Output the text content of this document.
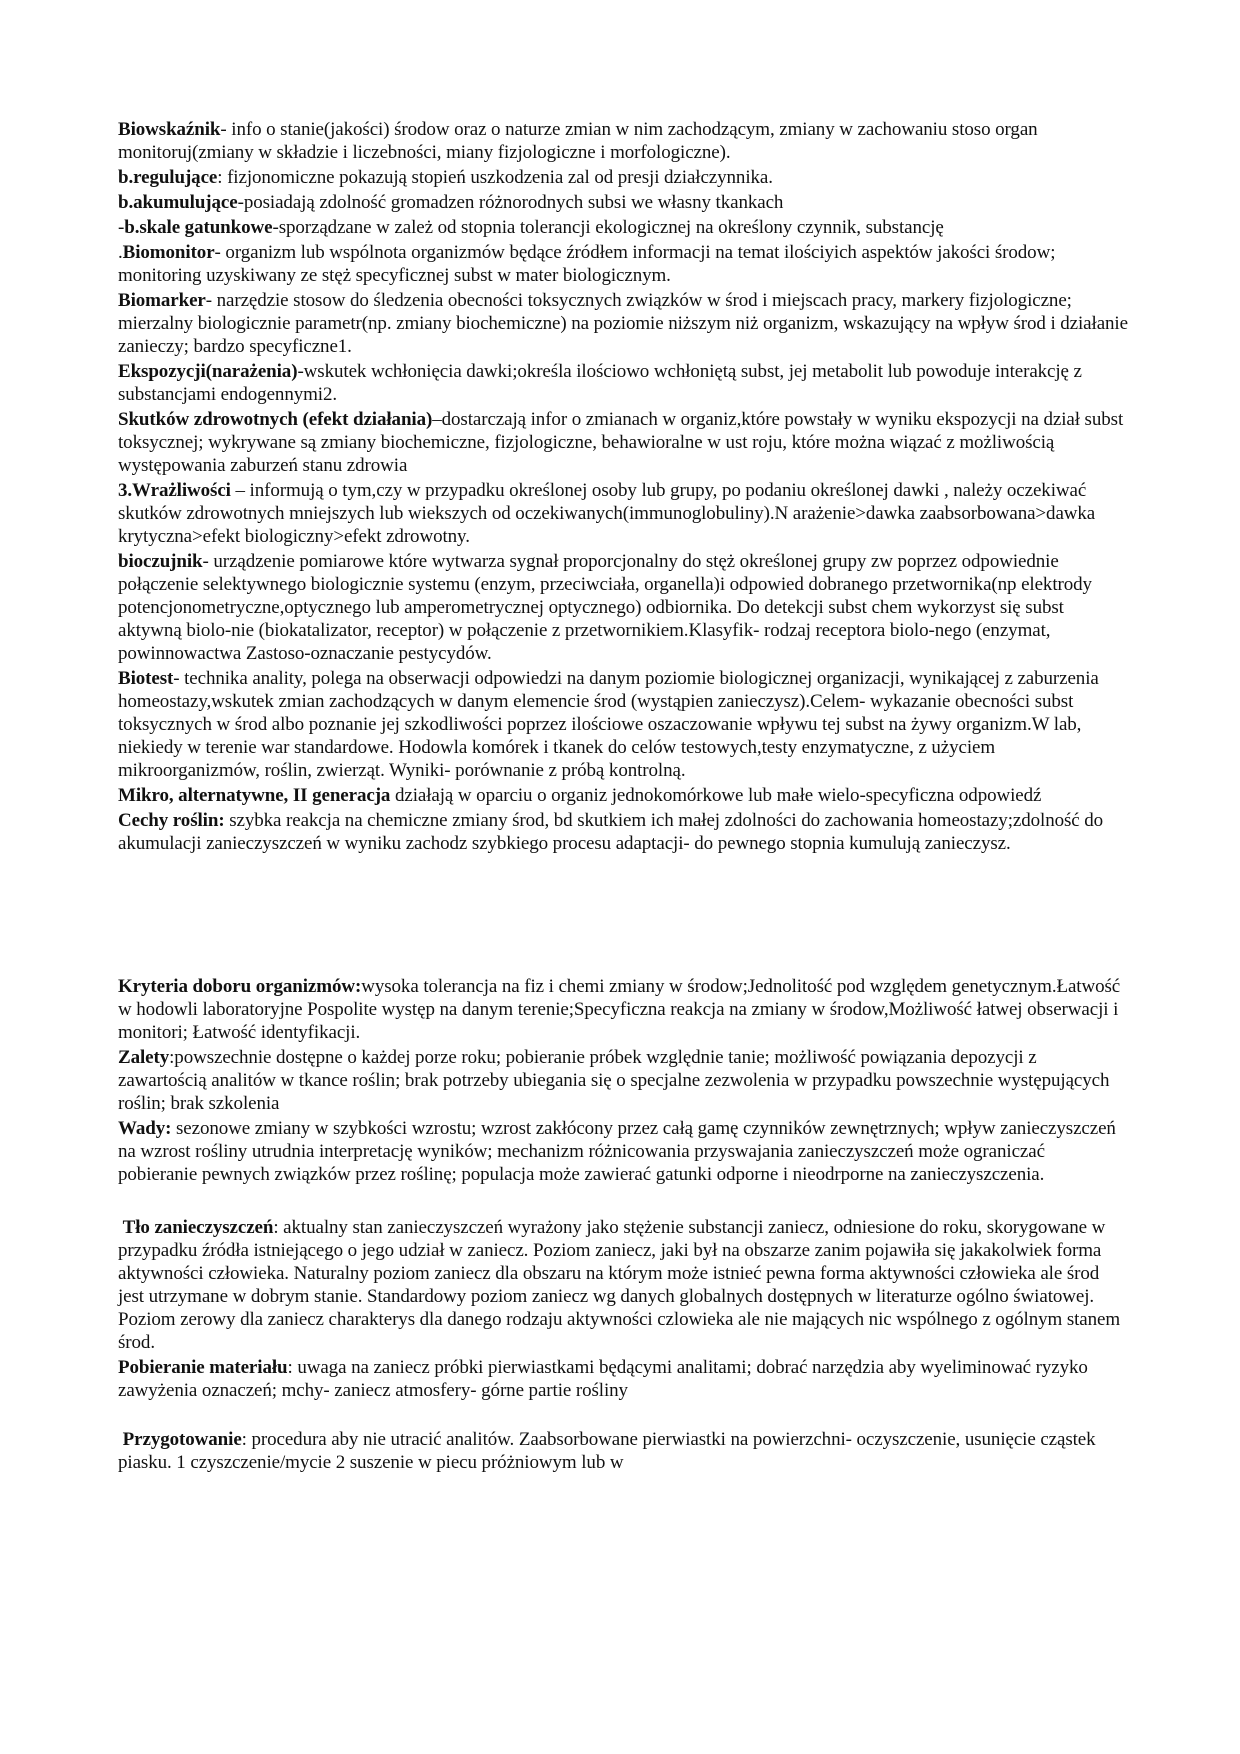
Biowskaźnik- info o stanie(jakości) środow oraz o naturze zmian w nim zachodzącym, zmiany w zachowaniu stoso organ monitoruj(zmiany w składzie i liczebności, miany fizjologiczne i morfologiczne).

b.regulujące: fizjonomiczne pokazują stopień uszkodzenia zal od presji działczynnika.

b.akumulujące-posiadają zdolność gromadzen różnorodnych subsi we własny tkankach

-b.skale gatunkowe-sporządzane w zależ od stopnia tolerancji ekologicznej na określony czynnik, substancję

.Biomonitor- organizm lub wspólnota organizmów będące źródłem informacji na temat ilościyich aspektów jakości środow; monitoring uzyskiwany ze stęż specyficznej subst w mater biologicznym.

Biomarker- narzędzie stosow do śledzenia obecności toksycznych związków w środ i miejscach pracy, markery fizjologiczne; mierzalny biologicznie parametr(np. zmiany biochemiczne) na poziomie niższym niż organizm, wskazujący na wpływ środ i działanie zanieczy; bardzo specyficzne1.

Ekspozycji(narażenia)-wskutek wchłonięcia dawki;określa ilościowo wchłoniętą subst, jej metabolit lub powoduje interakcję z substancjami endogennymi2.

Skutków zdrowotnych (efekt działania)–dostarczają infor o zmianach w organiz,które powstały w wyniku ekspozycji na dział subst toksycznej; wykrywane są zmiany biochemiczne, fizjologiczne, behawioralne w ust roju, które można wiązać z możliwością występowania zaburzeń stanu zdrowia

3.Wrażliwości – informują o tym,czy w przypadku określonej osoby lub grupy, po podaniu określonej dawki , należy oczekiwać skutków zdrowotnych mniejszych lub wiekszych od oczekiwanych(immunoglobuliny).N arażenie>dawka zaabsorbowana>dawka krytyczna>efekt biologiczny>efekt zdrowotny.

bioczujnik- urządzenie pomiarowe które wytwarza sygnał proporcjonalny do stęż określonej grupy zw poprzez odpowiednie połączenie selektywnego biologicznie systemu (enzym, przeciwciała, organella)i odpowied dobranego przetwornika(np elektrody potencjonometryczne,optycznego lub amperometrycznej optycznego) odbiornika. Do detekcji subst chem wykorzyst się subst aktywną biolo-nie (biokatalizator, receptor) w połączenie z przetwornikiem.Klasyfik- rodzaj receptora biolo-nego (enzymat, powinnowactwa Zastoso-oznaczanie pestycydów.

Biotest- technika anality, polega na obserwacji odpowiedzi na danym poziomie biologicznej organizacji, wynikającej z zaburzenia homeostazy,wskutek zmian zachodzących w danym elemencie środ (wystąpien zanieczysz).Celem- wykazanie obecności subst toksycznych w środ albo poznanie jej szkodliwości poprzez ilościowe oszaczowanie wpływu tej subst na żywy organizm.W lab, niekiedy w terenie war standardowe. Hodowla komórek i tkanek do celów testowych,testy enzymatyczne, z użyciem mikroorganizmów, roślin, zwierząt. Wyniki- porównanie z próbą kontrolną.

Mikro, alternatywne, II generacja działają w oparciu o organiz jednokomórkowe lub małe wielo-specyficzna odpowiedź

Cechy roślin: szybka reakcja na chemiczne zmiany środ, bd skutkiem ich małej zdolności do zachowania homeostazy;zdolność do akumulacji zanieczyszczeń w wyniku zachodz szybkiego procesu adaptacji- do pewnego stopnia kumulują zanieczysz.

Kryteria doboru organizmów:wysoka tolerancja na fiz i chemi zmiany w środow;Jednolitość pod względem genetycznym.Łatwość w hodowli laboratoryjne Pospolite występ na danym terenie;Specyficzna reakcja na zmiany w środow,Możliwość łatwej obserwacji i monitori; Łatwość identyfikacji.

Zalety:powszechnie dostępne o każdej porze roku; pobieranie próbek względnie tanie; możliwość powiązania depozycji z zawartością analitów w tkance roślin; brak potrzeby ubiegania się o specjalne zezwolenia w przypadku powszechnie występujących roślin; brak szkolenia

Wady: sezonowe zmiany w szybkości wzrostu; wzrost zakłócony przez całą gamę czynników zewnętrznych; wpływ zanieczyszczeń na wzrost rośliny utrudnia interpretację wyników; mechanizm różnicowania przyswajania zanieczyszczeń może ograniczać pobieranie pewnych związków przez roślinę; populacja może zawierać gatunki odporne i nieodrporne na zanieczyszczenia.

Tło zanieczyszczeń: aktualny stan zanieczyszczeń wyrażony jako stężenie substancji zaniecz, odniesione do roku, skorygowane w przypadku źródła istniejącego o jego udział w zaniecz. Poziom zaniecz, jaki był na obszarze zanim pojawiła się jakakolwiek forma aktywności człowieka. Naturalny poziom zaniecz dla obszaru na którym może istnieć pewna forma aktywności człowieka ale środ jest utrzymane w dobrym stanie. Standardowy poziom zaniecz wg danych globalnych dostępnych w literaturze ogólno światowej. Poziom zerowy dla zaniecz charakterys dla danego rodzaju aktywności czlowieka ale nie mających nic wspólnego z ogólnym stanem środ.

Pobieranie materiału: uwaga na zaniecz próbki pierwiastkami będącymi analitami; dobrać narzędzia aby wyeliminować ryzyko zawyżenia oznaczeń; mchy- zaniecz atmosfery- górne partie rośliny

Przygotowanie: procedura aby nie utracić analitów. Zaabsorbowane pierwiastki na powierzchni- oczyszczenie, usunięcie cząstek piasku. 1 czyszczenie/mycie 2 suszenie w piecu próżniowym lub w
